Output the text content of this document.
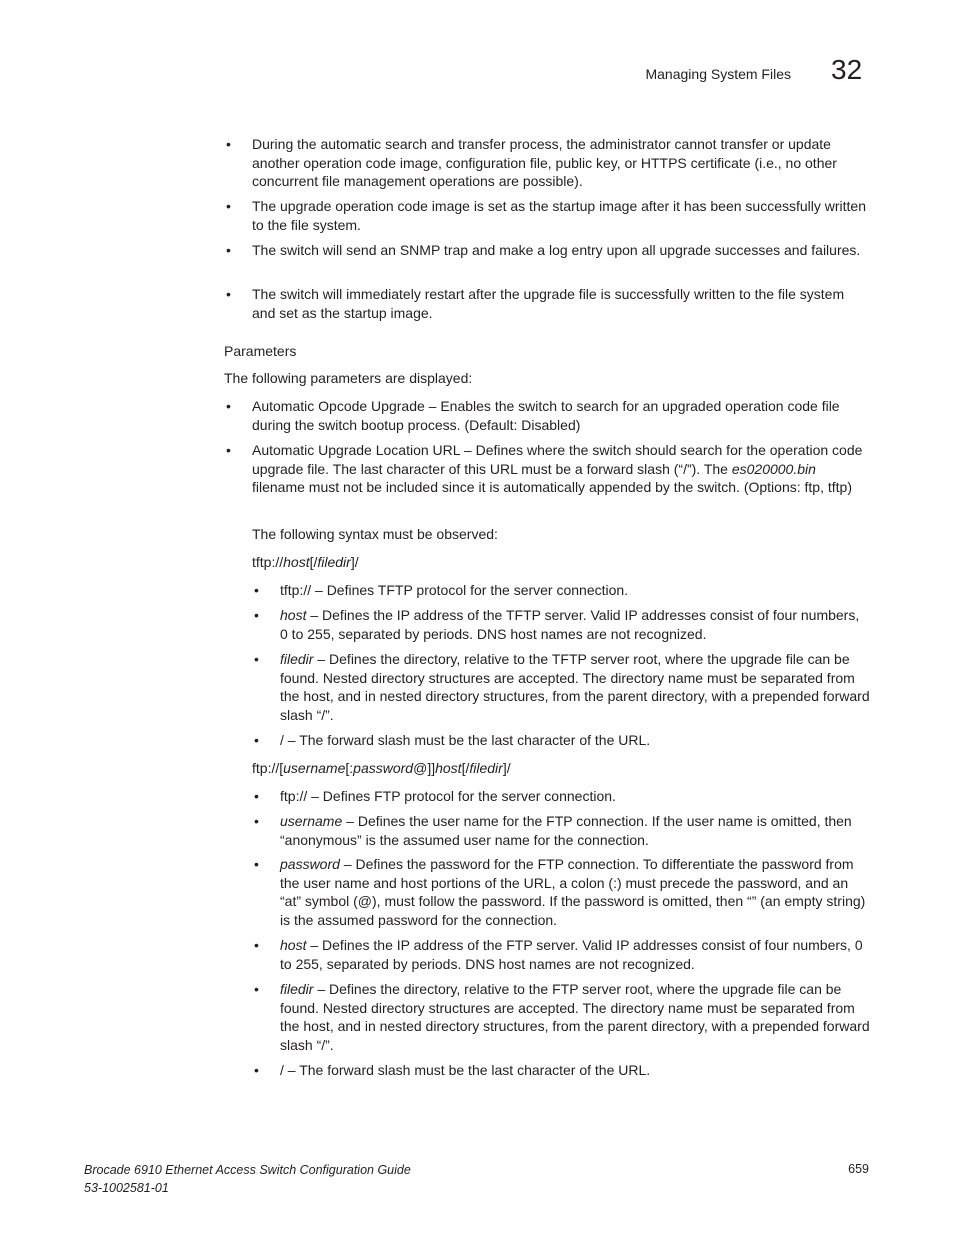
Managing System Files 32
• During the automatic search and transfer process, the administrator cannot transfer or update another operation code image, configuration file, public key, or HTTPS certificate (i.e., no other concurrent file management operations are possible).
• The upgrade operation code image is set as the startup image after it has been successfully written to the file system.
• The switch will send an SNMP trap and make a log entry upon all upgrade successes and failures.
• The switch will immediately restart after the upgrade file is successfully written to the file system and set as the startup image.
Parameters
The following parameters are displayed:
• Automatic Opcode Upgrade – Enables the switch to search for an upgraded operation code file during the switch bootup process. (Default: Disabled)
• Automatic Upgrade Location URL – Defines where the switch should search for the operation code upgrade file. The last character of this URL must be a forward slash (“/”). The es020000.bin filename must not be included since it is automatically appended by the switch. (Options: ftp, tftp)
The following syntax must be observed:
tftp://host[/filedir]/
• tftp:// – Defines TFTP protocol for the server connection.
• host – Defines the IP address of the TFTP server. Valid IP addresses consist of four numbers, 0 to 255, separated by periods. DNS host names are not recognized.
• filedir – Defines the directory, relative to the TFTP server root, where the upgrade file can be found. Nested directory structures are accepted. The directory name must be separated from the host, and in nested directory structures, from the parent directory, with a prepended forward slash “/”.
• / – The forward slash must be the last character of the URL.
ftp://[username[:password@]]host[/filedir]/
• ftp:// – Defines FTP protocol for the server connection.
• username – Defines the user name for the FTP connection. If the user name is omitted, then “anonymous” is the assumed user name for the connection.
• password – Defines the password for the FTP connection. To differentiate the password from the user name and host portions of the URL, a colon (:) must precede the password, and an “at” symbol (@), must follow the password. If the password is omitted, then “” (an empty string) is the assumed password for the connection.
• host – Defines the IP address of the FTP server. Valid IP addresses consist of four numbers, 0 to 255, separated by periods. DNS host names are not recognized.
• filedir – Defines the directory, relative to the FTP server root, where the upgrade file can be found. Nested directory structures are accepted. The directory name must be separated from the host, and in nested directory structures, from the parent directory, with a prepended forward slash “/”.
• / – The forward slash must be the last character of the URL.
Brocade 6910 Ethernet Access Switch Configuration Guide
53-1002581-01
659
